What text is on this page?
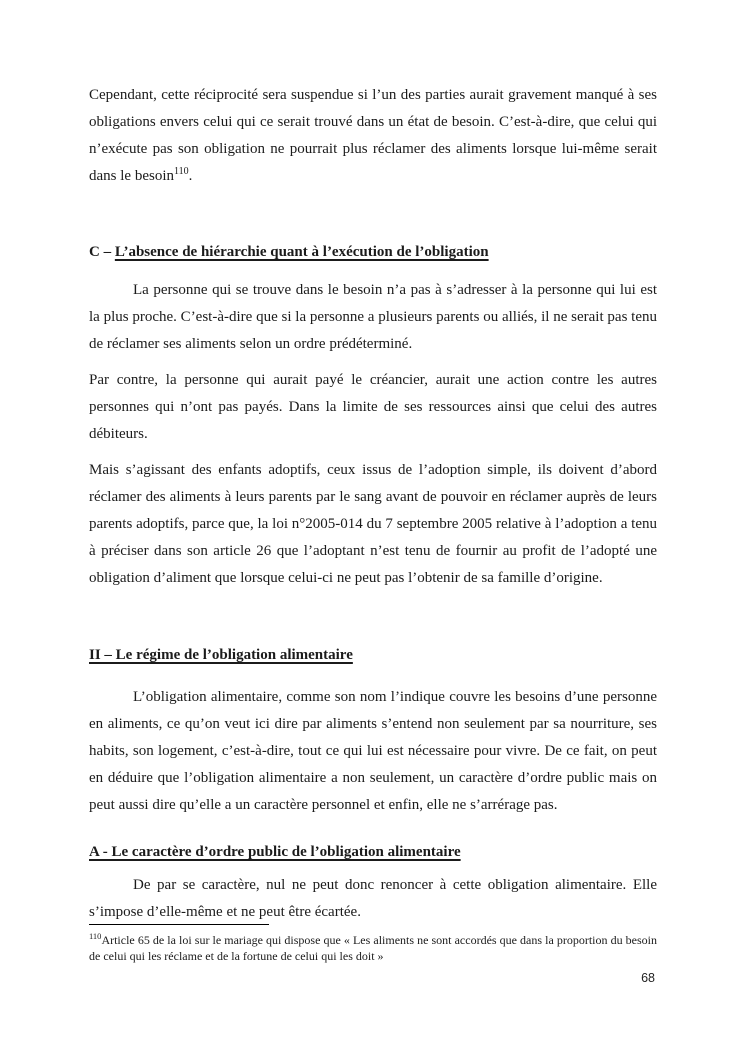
Cependant, cette réciprocité sera suspendue si l’un des parties aurait gravement manqué à ses obligations envers celui qui ce serait trouvé dans un état de besoin. C’est-à-dire, que celui qui n’exécute pas son obligation ne pourrait plus réclamer des aliments lorsque lui-même serait dans le besoin$^{110}$.

C – L’absence de hiérarchie quant à l’exécution de l’obligation

La personne qui se trouve dans le besoin n’a pas à s’adresser à la personne qui lui est la plus proche. C’est-à-dire que si la personne a plusieurs parents ou alliés, il ne serait pas tenu de réclamer ses aliments selon un ordre prédéterminé.

Par contre, la personne qui aurait payé le créancier, aurait une action contre les autres personnes qui n’ont pas payés. Dans la limite de ses ressources ainsi que celui des autres débiteurs.

Mais s’agissant des enfants adoptifs, ceux issus de l’adoption simple, ils doivent d’abord réclamer des aliments à leurs parents par le sang avant de pouvoir en réclamer auprès de leurs parents adoptifs, parce que, la loi n°2005-014 du 7 septembre 2005 relative à l’adoption a tenu à préciser dans son article 26 que l’adoptant n’est tenu de fournir au profit de l’adopté une obligation d’aliment que lorsque celui-ci ne peut pas l’obtenir de sa famille d’origine.

II – Le régime de l’obligation alimentaire

L’obligation alimentaire, comme son nom l’indique couvre les besoins d’une personne en aliments, ce qu’on veut ici dire par aliments s’entend non seulement par sa nourriture, ses habits, son logement, c’est-à-dire, tout ce qui lui est nécessaire pour vivre. De ce fait, on peut en déduire que l’obligation alimentaire a non seulement, un caractère d’ordre public mais on peut aussi dire qu’elle a un caractère personnel et enfin, elle ne s’arrérage pas.

A - Le caractère d’ordre public de l’obligation alimentaire

De par se caractère, nul ne peut donc renoncer à cette obligation alimentaire. Elle s’impose d’elle-même et ne peut être écartée.

$^{110}$Article 65 de la loi sur le mariage qui dispose que « Les aliments ne sont accordés que dans la proportion du besoin de celui qui les réclame et de la fortune de celui qui les doit »

68
